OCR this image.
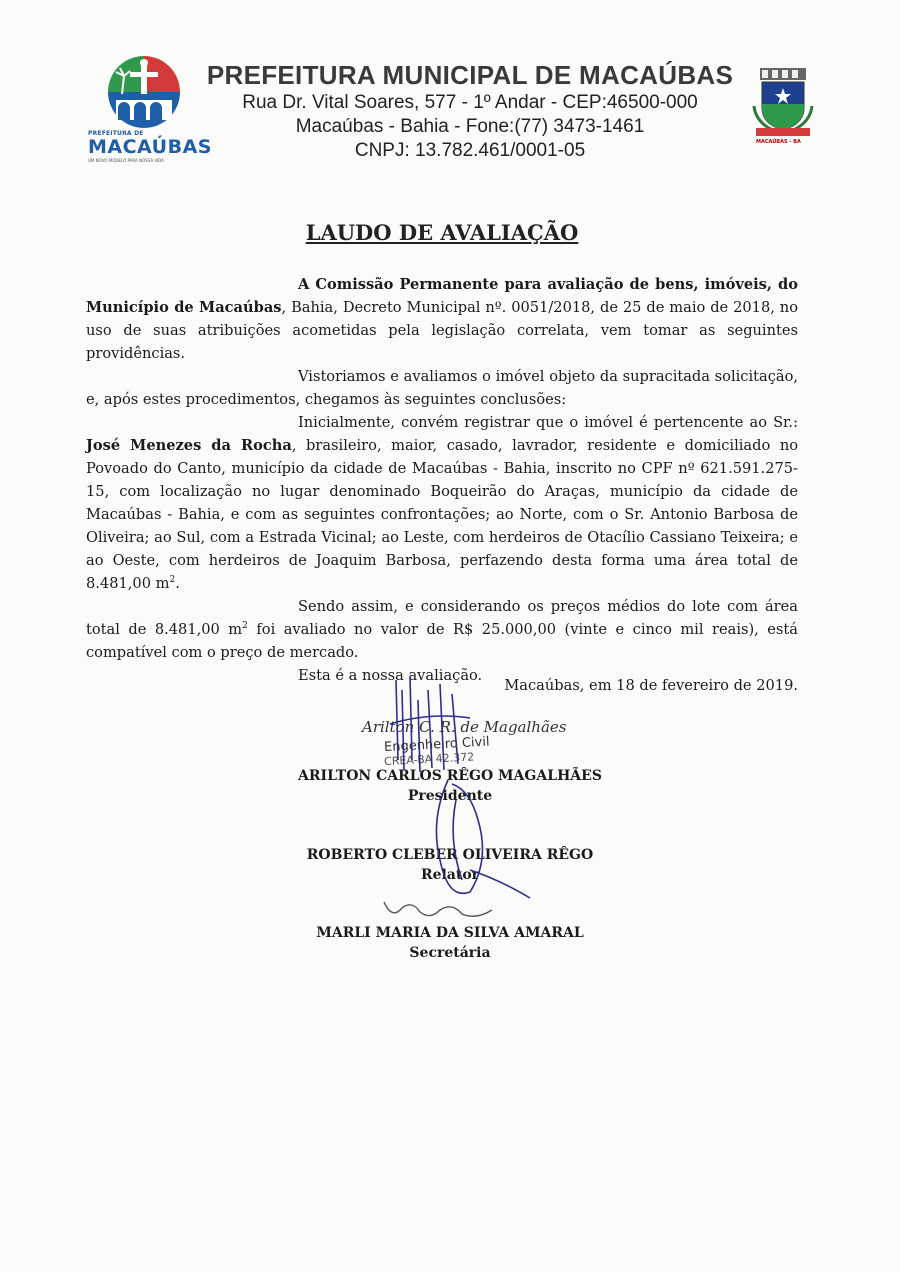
PREFEITURA DE
MACAÚBAS
UM NOVO MODELO PARA NOSSA VIDA
PREFEITURA MUNICIPAL DE MACAÚBAS
Rua Dr. Vital Soares, 577 - 1º Andar - CEP:46500-000
Macaúbas - Bahia - Fone:(77) 3473-1461
CNPJ: 13.782.461/0001-05	MACAÚBAS - BA
LAUDO DE AVALIAÇÃO

A Comissão Permanente para avaliação de bens, imóveis, do Município de Macaúbas, Bahia, Decreto Municipal nº. 0051/2018, de 25 de maio de 2018, no uso de suas atribuições acometidas pela legislação correlata, vem tomar as seguintes providências.

Vistoriamos e avaliamos o imóvel objeto da supracitada solicitação, e, após estes procedimentos, chegamos às seguintes conclusões:

Inicialmente, convém registrar que o imóvel é pertencente ao Sr.: José Menezes da Rocha, brasileiro, maior, casado, lavrador, residente e domiciliado no Povoado do Canto, município da cidade de Macaúbas - Bahia, inscrito no CPF nº 621.591.275-15, com localização no lugar denominado Boqueirão do Araças, município da cidade de Macaúbas - Bahia, e com as seguintes confrontações; ao Norte, com o Sr. Antonio Barbosa de Oliveira; ao Sul, com a Estrada Vicinal; ao Leste, com herdeiros de Otacílio Cassiano Teixeira; e ao Oeste, com herdeiros de Joaquim Barbosa, perfazendo desta forma uma área total de 8.481,00 $m^2$.

Sendo assim, e considerando os preços médios do lote com área total de 8.481,00 $m^2$ foi avaliado no valor de R$ 25.000,00 (vinte e cinco mil reais), está compatível com o preço de mercado.

Esta é a nossa avaliação.

Macaúbas, em 18 de fevereiro de 2019.
Arilton C. R. de Magalhães
Engenheiro Civil
CREA-BA 42.372
ARILTON CARLOS RÊGO MAGALHÃES
Presidente
ROBERTO CLEBER OLIVEIRA RÊGO
Relator
MARLI MARIA DA SILVA AMARAL
Secretária
